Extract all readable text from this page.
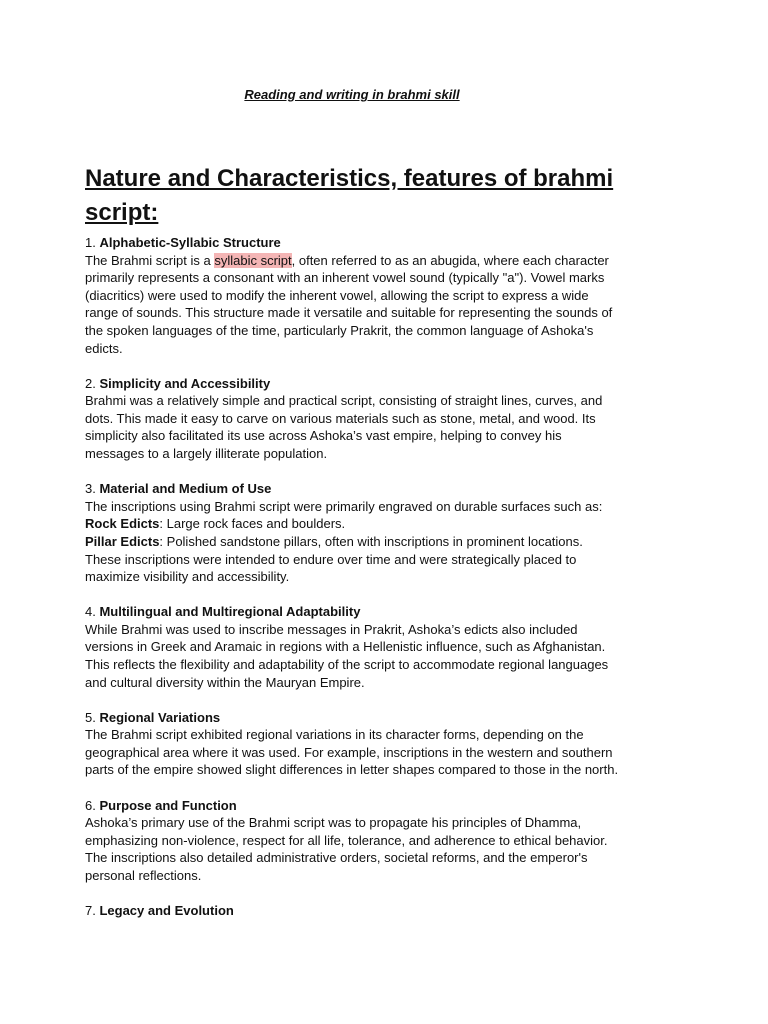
Reading and writing in brahmi skill
Nature and Characteristics, features of brahmi
script:
1. Alphabetic-Syllabic Structure
The Brahmi script is a syllabic script, often referred to as an abugida, where each character
primarily represents a consonant with an inherent vowel sound (typically "a"). Vowel marks
(diacritics) were used to modify the inherent vowel, allowing the script to express a wide
range of sounds. This structure made it versatile and suitable for representing the sounds of
the spoken languages of the time, particularly Prakrit, the common language of Ashoka's
edicts.
2. Simplicity and Accessibility
Brahmi was a relatively simple and practical script, consisting of straight lines, curves, and
dots. This made it easy to carve on various materials such as stone, metal, and wood. Its
simplicity also facilitated its use across Ashoka’s vast empire, helping to convey his
messages to a largely illiterate population.
3. Material and Medium of Use
The inscriptions using Brahmi script were primarily engraved on durable surfaces such as:
Rock Edicts: Large rock faces and boulders.
Pillar Edicts: Polished sandstone pillars, often with inscriptions in prominent locations.
These inscriptions were intended to endure over time and were strategically placed to
maximize visibility and accessibility.
4. Multilingual and Multiregional Adaptability
While Brahmi was used to inscribe messages in Prakrit, Ashoka’s edicts also included
versions in Greek and Aramaic in regions with a Hellenistic influence, such as Afghanistan.
This reflects the flexibility and adaptability of the script to accommodate regional languages
and cultural diversity within the Mauryan Empire.
5. Regional Variations
The Brahmi script exhibited regional variations in its character forms, depending on the
geographical area where it was used. For example, inscriptions in the western and southern
parts of the empire showed slight differences in letter shapes compared to those in the north.
6. Purpose and Function
Ashoka’s primary use of the Brahmi script was to propagate his principles of Dhamma,
emphasizing non-violence, respect for all life, tolerance, and adherence to ethical behavior.
The inscriptions also detailed administrative orders, societal reforms, and the emperor's
personal reflections.
7. Legacy and Evolution
